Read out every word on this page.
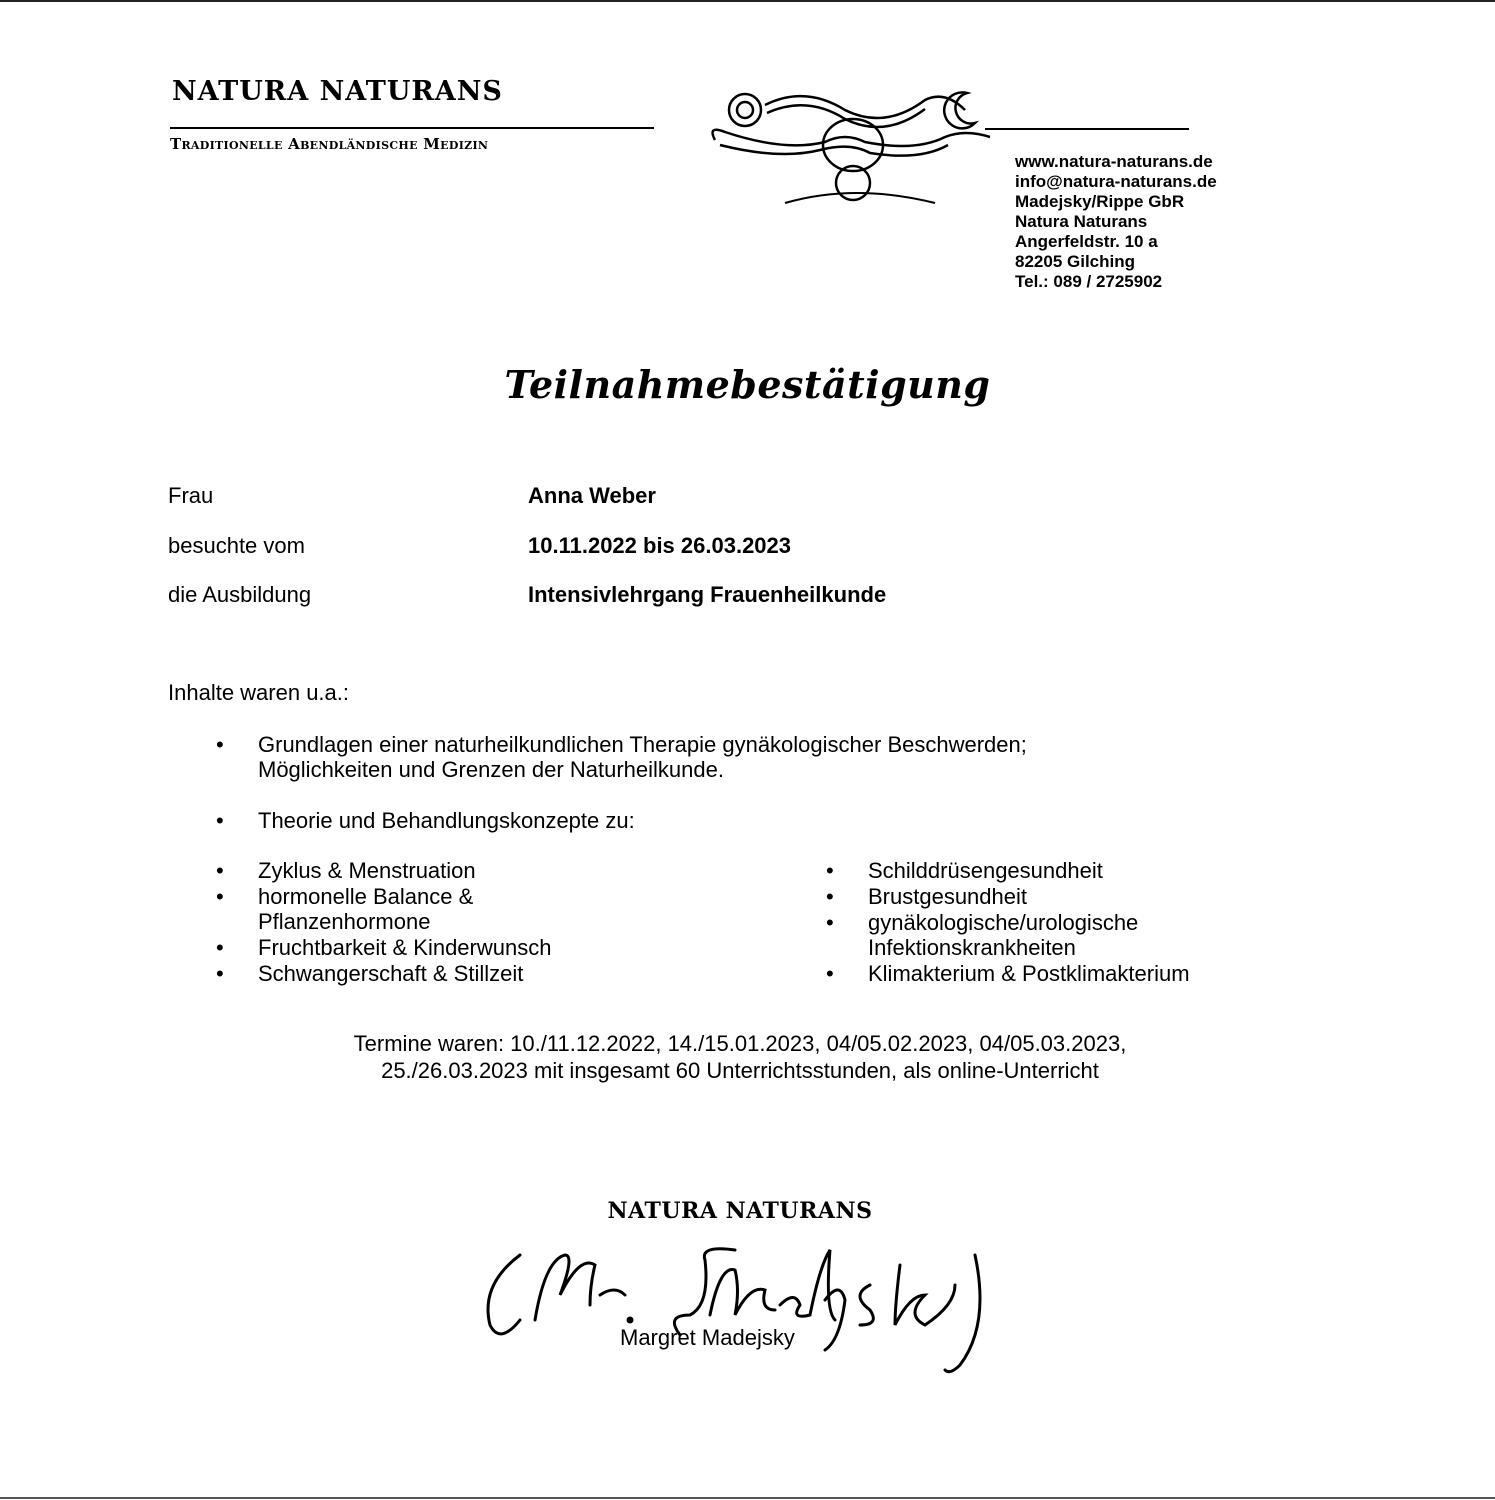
NATURA NATURANS
Traditionelle Abendländische Medizin
www.natura-naturans.de
info@natura-naturans.de
Madejsky/Rippe GbR
Natura Naturans
Angerfeldstr. 10 a
82205 Gilching
Tel.: 089 / 2725902
Teilnahmebestätigung
Frau	Anna Weber
besuchte vom	10.11.2022 bis 26.03.2023
die Ausbildung	Intensivlehrgang Frauenheilkunde
Inhalte waren u.a.:
• Grundlagen einer naturheilkundlichen Therapie gynäkologischer Beschwerden; Möglichkeiten und Grenzen der Naturheilkunde.
• Theorie und Behandlungskonzepte zu:
• Zyklus & Menstruation
• hormonelle Balance & Pflanzenhormone
• Fruchtbarkeit & Kinderwunsch
• Schwangerschaft & Stillzeit
• Schilddrüsengesundheit
• Brustgesundheit
• gynäkologische/urologische Infektionskrankheiten
• Klimakterium & Postklimakterium
Termine waren: 10./11.12.2022, 14./15.01.2023, 04/05.02.2023, 04/05.03.2023,
25./26.03.2023 mit insgesamt 60 Unterrichtsstunden, als online-Unterricht
NATURA NATURANS
Margret Madejsky
